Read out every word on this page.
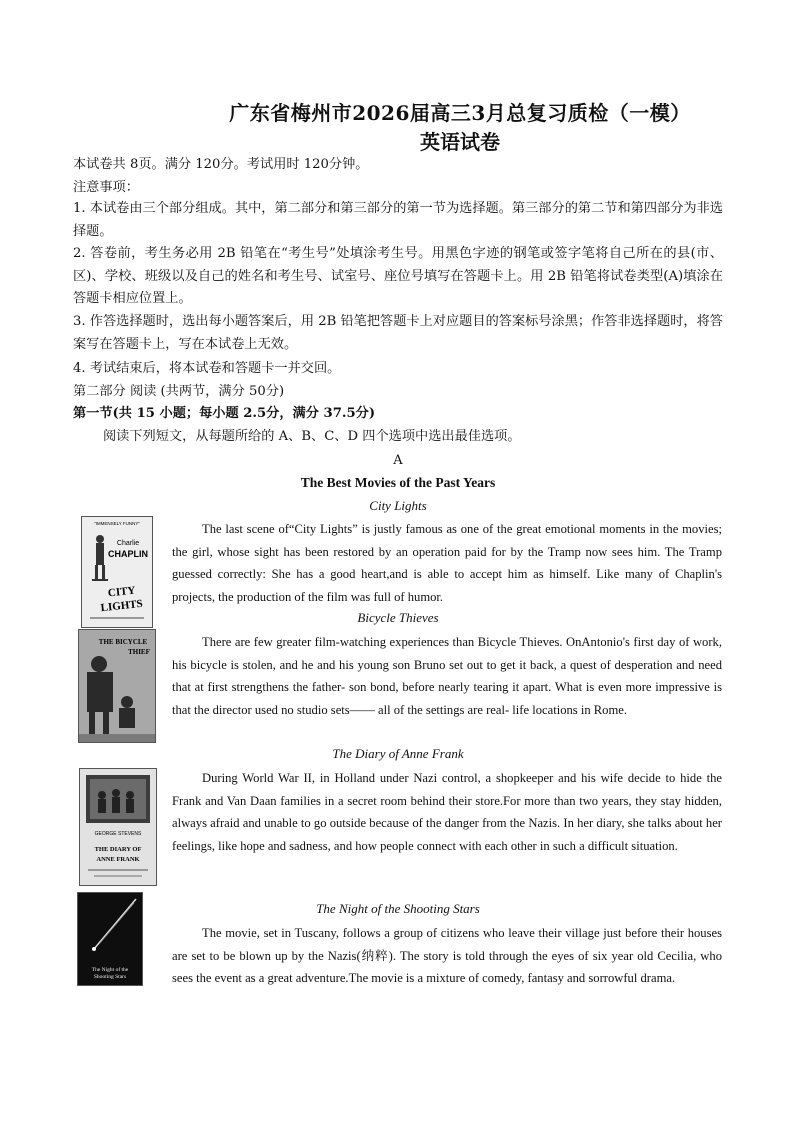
广东省梅州市2026届高三3月总复习质检（一模）
英语试卷
本试卷共 8页。满分 120分。考试用时 120分钟。
注意事项：
1. 本试卷由三个部分组成。其中，第二部分和第三部分的第一节为选择题。第三部分的第二节和第四部分为非选择题。
2. 答卷前，考生务必用 2B 铅笔在“考生号”处填涂考生号。用黑色字迹的钢笔或签字笔将自己所在的县(市、区)、学校、班级以及自己的姓名和考生号、试室号、座位号填写在答题卡上。用 2B 铅笔将试卷类型(A)填涂在答题卡相应位置上。
3. 作答选择题时，选出每小题答案后，用 2B 铅笔把答题卡上对应题目的答案标号涂黑；作答非选择题时，将答案写在答题卡上，写在本试卷上无效。
4. 考试结束后，将本试卷和答题卡一并交回。
第二部分 阅读 (共两节，满分 50分)
第一节(共 15 小题；每小题 2.5分，满分 37.5分)
阅读下列短文，从每题所给的 A、B、C、D 四个选项中选出最佳选项。
A
The Best Movies of the Past Years
City Lights
"IMMENSELY FUNNY"
Charlie
CHAPLIN
CITY
LIGHTS

The last scene of“City Lights” is justly famous as one of the great emotional moments in the movies; the girl, whose sight has been restored by an operation paid for by the Tramp now sees him. The Tramp guessed correctly: She has a good heart,and is able to accept him as himself. Like many of Chaplin's projects, the production of the film was full of humor.

Bicycle Thieves
THE BICYCLE
THIEF

There are few greater film-watching experiences than Bicycle Thieves. OnAntonio's first day of work, his bicycle is stolen, and he and his young son Bruno set out to get it back, a quest of desperation and need that at first strengthens the father- son bond, before nearly tearing it apart. What is even more impressive is that the director used no studio sets—— all of the settings are real- life locations in Rome.

The Diary of Anne Frank
GEORGE STEVENS
THE DIARY OF
ANNE FRANK

During World War II, in Holland under Nazi control, a shopkeeper and his wife decide to hide the Frank and Van Daan families in a secret room behind their store.For more than two years, they stay hidden, always afraid and unable to go outside because of the danger from the Nazis. In her diary, she talks about her feelings, like hope and sadness, and how people connect with each other in such a difficult situation.

The Night of the Shooting Stars
The Night of the
Shooting Stars

The movie, set in Tuscany, follows a group of citizens who leave their village just before their houses are set to be blown up by the Nazis(纳粹). The story is told through the eyes of six year old Cecilia, who sees the event as a great adventure.The movie is a mixture of comedy, fantasy and sorrowful drama.
